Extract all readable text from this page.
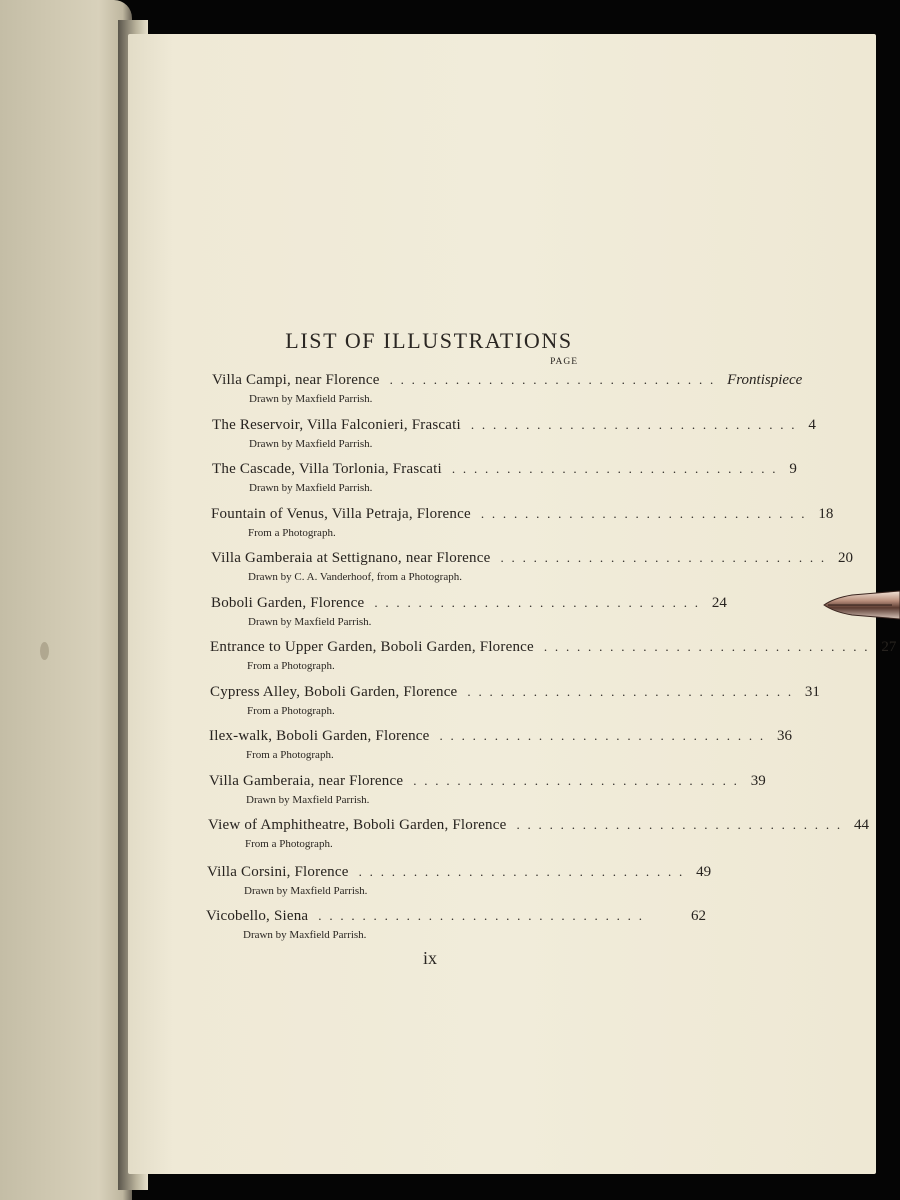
LIST OF ILLUSTRATIONS
PAGE
Villa Campi, near Florence .............................. Frontispiece
Drawn by Maxfield Parrish.
The Reservoir, Villa Falconieri, Frascati .............................. 4
Drawn by Maxfield Parrish.
The Cascade, Villa Torlonia, Frascati .............................. 9
Drawn by Maxfield Parrish.
Fountain of Venus, Villa Petraja, Florence .............................. 18
From a Photograph.
Villa Gamberaia at Settignano, near Florence .............................. 20
Drawn by C. A. Vanderhoof, from a Photograph.
Boboli Garden, Florence .............................. 24
Drawn by Maxfield Parrish.
Entrance to Upper Garden, Boboli Garden, Florence .............................. 27
From a Photograph.
Cypress Alley, Boboli Garden, Florence .............................. 31
From a Photograph.
Ilex-walk, Boboli Garden, Florence .............................. 36
From a Photograph.
Villa Gamberaia, near Florence .............................. 39
Drawn by Maxfield Parrish.
View of Amphitheatre, Boboli Garden, Florence .............................. 44
From a Photograph.
Villa Corsini, Florence .............................. 49
Drawn by Maxfield Parrish.
Vicobello, Siena ..............................	62
Drawn by Maxfield Parrish.
ix
